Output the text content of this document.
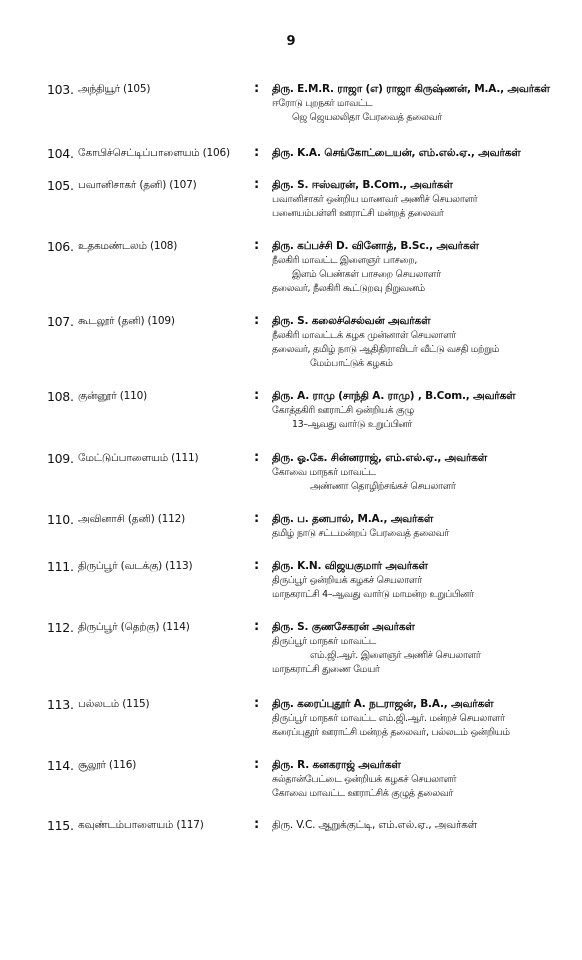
9
103. அந்தியூர் (105)	: திரு. E.M.R. ராஜா (எ) ராஜா கிருஷ்ணன், M.A., அவர்கள்
ஈரோடு புறநகர் மாவட்ட
ஜெ ஜெயலலிதா பேரவைத் தலைவர்
104. கோபிச்செட்டிப்பாளையம் (106)	: திரு. K.A. செங்கோட்டையன், எம்.எல்.ஏ., அவர்கள்
105. பவானிசாகர் (தனி) (107)	: திரு. S. ஈஸ்வரன், B.Com., அவர்கள்
பவானிசாகர் ஒன்றிய மாணவர் அணிச் செயலாளர்
பனையம்பள்ளி ஊராட்சி மன்றத் தலைவர்
106. உதகமண்டலம் (108)	: திரு. கப்பச்சி D. வினோத், B.Sc., அவர்கள்
நீலகிரி மாவட்ட இளைஞர் பாசறை,
இளம் பெண்கள் பாசறை செயலாளர்
தலைவர், நீலகிரி கூட்டுறவு நிறுவனம்
107. கூடலூர் (தனி) (109)	: திரு. S. கலைச்செல்வன் அவர்கள்
நீலகிரி மாவட்டக் கழக முன்னாள் செயலாளர்
தலைவர், தமிழ் நாடு ஆதிதிராவிடர் வீட்டு வசதி மற்றும்
மேம்பாட்டுக் கழகம்
108. குன்னூர் (110)	: திரு. A. ராமு (சாந்தி A. ராமு) , B.Com., அவர்கள்
கோத்தகிரி ஊராட்சி ஒன்றியக் குழு
13–ஆவது வார்டு உறுப்பினர்
109. மேட்டுப்பாளையம் (111)	: திரு. ஓ.கே. சின்னராஜ், எம்.எல்.ஏ., அவர்கள்
கோவை மாநகர் மாவட்ட
அண்ணா தொழிற்சங்கச் செயலாளர்
110. அவினாசி (தனி) (112)	: திரு. ப. தனபால், M.A., அவர்கள்
தமிழ் நாடு சட்டமன்றப் பேரவைத் தலைவர்
111. திருப்பூர் (வடக்கு) (113)	: திரு. K.N. விஜயகுமார் அவர்கள்
திருப்பூர் ஒன்றியக் கழகச் செயலாளர்
மாநகராட்சி 4–ஆவது வார்டு மாமன்ற உறுப்பினர்
112. திருப்பூர் (தெற்கு) (114)	: திரு. S. குணசேகரன் அவர்கள்
திருப்பூர் மாநகர் மாவட்ட
எம்.ஜி.ஆர். இளைஞர் அணிச் செயலாளர்
மாநகராட்சி துணை மேயர்
113. பல்லடம் (115)	: திரு. கரைப்புதூர் A. நடராஜன், B.A., அவர்கள்
திருப்பூர் மாநகர் மாவட்ட எம்.ஜி.ஆர். மன்றச் செயலாளர்
கரைப்புதூர் ஊராட்சி மன்றத் தலைவர், பல்லடம் ஒன்றியம்
114. சூலூர் (116)	: திரு. R. கனகராஜ் அவர்கள்
சுல்தான்பேட்டை ஒன்றியக் கழகச் செயலாளர்
கோவை மாவட்ட ஊராட்சிக் குழுத் தலைவர்
115. கவுண்டம்பாளையம் (117)	: திரு. V.C. ஆறுக்குட்டி, எம்.எல்.ஏ., அவர்கள்
